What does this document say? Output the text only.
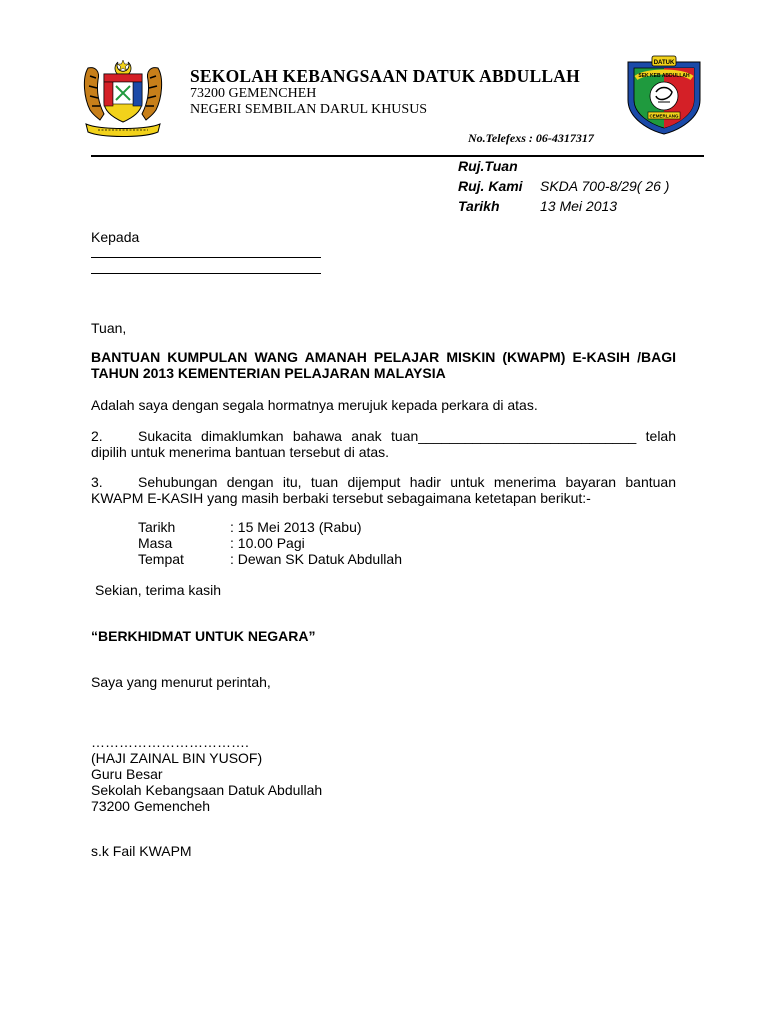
SEKOLAH KEBANGSAAN DATUK ABDULLAH
73200 GEMENCHEH
NEGERI SEMBILAN DARUL KHUSUS
DATUK
SEK KEB ABDULLAH
CEMERLANG
No.Telefexs : 06-4317317
Ruj.Tuan
Ruj. Kami SKDA 700-8/29( 26 )
Tarikh	13 Mei 2013
Kepada
Tuan,
BANTUAN KUMPULAN WANG AMANAH PELAJAR MISKIN (KWAPM) E-KASIH /BAGI TAHUN 2013 KEMENTERIAN PELAJARAN MALAYSIA
Adalah saya dengan segala hormatnya merujuk kepada perkara di atas.
2.	Sukacita dimaklumkan bahawa anak tuan____________________________ telah dipilih untuk menerima bantuan tersebut di atas.
3.	Sehubungan dengan itu, tuan dijemput hadir untuk menerima bayaran bantuan KWAPM E-KASIH yang masih berbaki tersebut sebagaimana ketetapan berikut:-
Tarikh	: 15 Mei 2013 (Rabu)
Masa	: 10.00 Pagi
Tempat	: Dewan SK Datuk Abdullah
Sekian, terima kasih
“BERKHIDMAT UNTUK NEGARA”
Saya yang menurut perintah,
…………………………….
(HAJI ZAINAL BIN YUSOF)
Guru Besar
Sekolah Kebangsaan Datuk Abdullah
73200 Gemencheh
s.k Fail KWAPM
